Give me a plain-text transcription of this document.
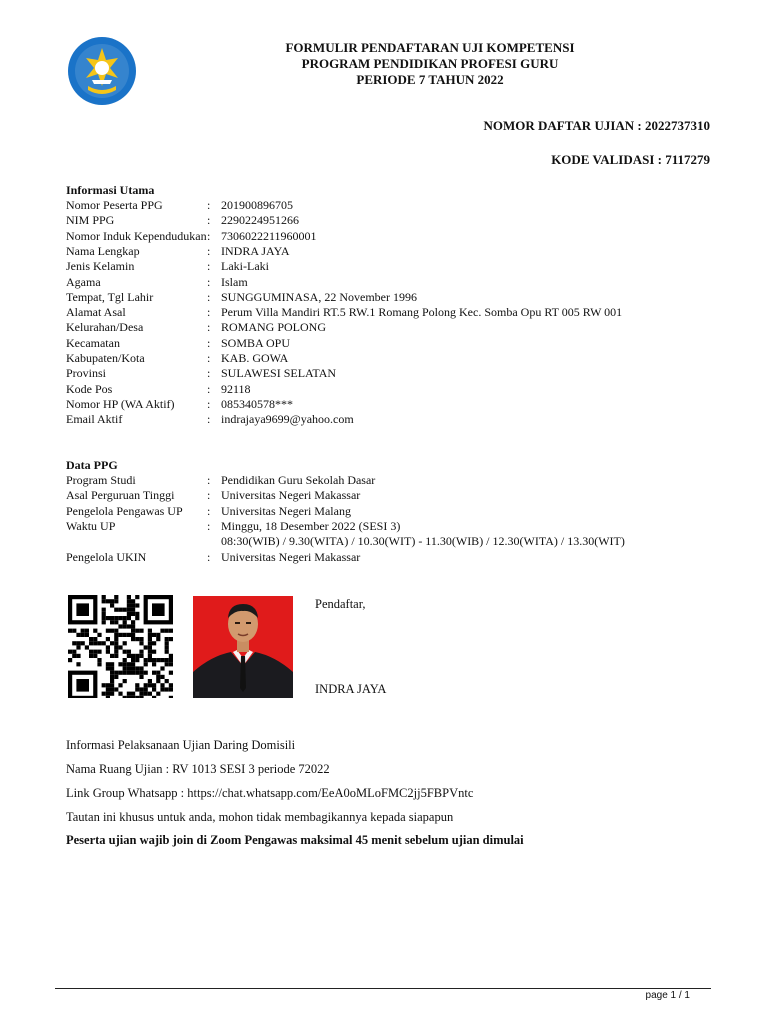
FORMULIR PENDAFTARAN UJI KOMPETENSI
PROGRAM PENDIDIKAN PROFESI GURU
PERIODE 7 TAHUN 2022
NOMOR DAFTAR UJIAN : 2022737310
KODE VALIDASI : 7117279
Informasi Utama
Nomor Peserta PPG	: 201900896705
NIM PPG	: 2290224951266
Nomor Induk Kependudukan : 7306022211960001
Nama Lengkap	: INDRA JAYA
Jenis Kelamin	: Laki-Laki
Agama	: Islam
Tempat, Tgl Lahir	: SUNGGUMINASA, 22 November 1996
Alamat Asal	: Perum Villa Mandiri RT.5 RW.1 Romang Polong Kec. Somba Opu RT 005 RW 001
Kelurahan/Desa	: ROMANG POLONG
Kecamatan	: SOMBA OPU
Kabupaten/Kota	: KAB. GOWA
Provinsi	: SULAWESI SELATAN
Kode Pos	: 92118
Nomor HP (WA Aktif)	: 085340578***
Email Aktif	: indrajaya9699@yahoo.com
Data PPG
Program Studi	: Pendidikan Guru Sekolah Dasar
Asal Perguruan Tinggi	: Universitas Negeri Makassar
Pengelola Pengawas UP : Universitas Negeri Malang
Waktu UP	: Minggu, 18 Desember 2022 (SESI 3)
08:30(WIB) / 9.30(WITA) / 10.30(WIT) - 11.30(WIB) / 12.30(WITA) / 13.30(WIT)
Pengelola UKIN	: Universitas Negeri Makassar
Pendaftar,
INDRA JAYA
Informasi Pelaksanaan Ujian Daring Domisili
Nama Ruang Ujian : RV 1013 SESI 3 periode 72022
Link Group Whatsapp : https://chat.whatsapp.com/EeA0oMLoFMC2jj5FBPVntc
Tautan ini khusus untuk anda, mohon tidak membagikannya kepada siapapun
Peserta ujian wajib join di Zoom Pengawas maksimal 45 menit sebelum ujian dimulai
page 1 / 1
